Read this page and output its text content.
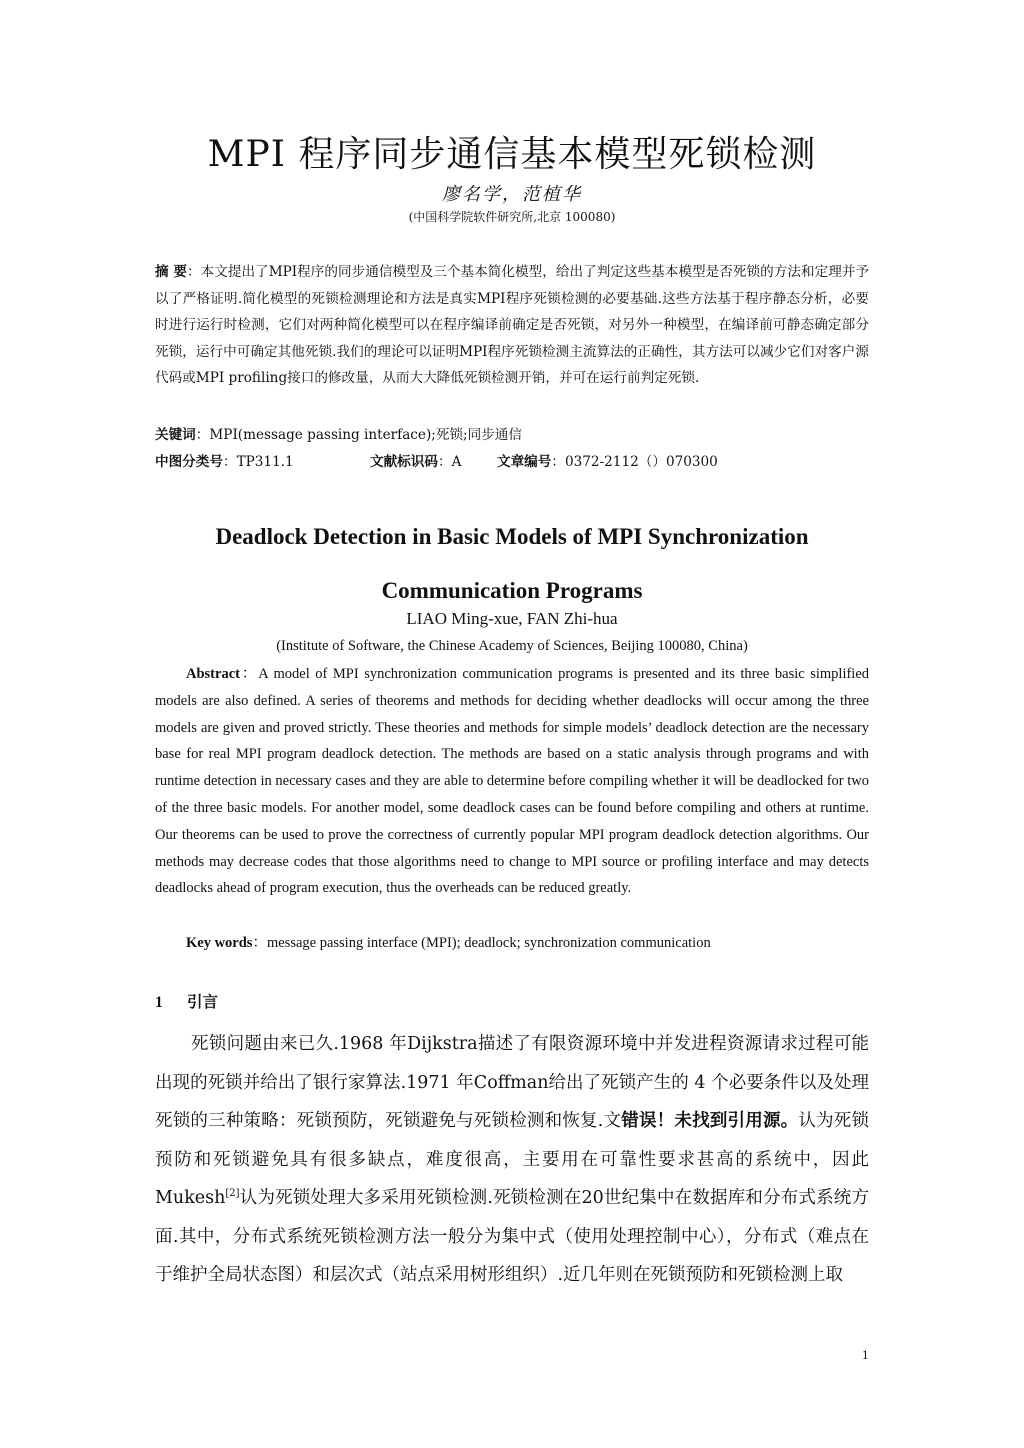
MPI 程序同步通信基本模型死锁检测
廖名学，范植华
(中国科学院软件研究所,北京 100080)
摘 要：本文提出了MPI程序的同步通信模型及三个基本简化模型，给出了判定这些基本模型是否死锁的方法和定理并予以了严格证明.简化模型的死锁检测理论和方法是真实MPI程序死锁检测的必要基础.这些方法基于程序静态分析，必要时进行运行时检测，它们对两种简化模型可以在程序编译前确定是否死锁，对另外一种模型，在编译前可静态确定部分死锁，运行中可确定其他死锁.我们的理论可以证明MPI程序死锁检测主流算法的正确性，其方法可以减少它们对客户源代码或MPI profiling接口的修改量，从而大大降低死锁检测开销，并可在运行前判定死锁.
关键词：MPI(message passing interface);死锁;同步通信
中图分类号：TP311.1	文献标识码：A	文章编号：0372-2112（）070300
Deadlock Detection in Basic Models of MPI Synchronization
Communication Programs
LIAO Ming-xue, FAN Zhi-hua
(Institute of Software, the Chinese Academy of Sciences, Beijing 100080, China)
Abstract：A model of MPI synchronization communication programs is presented and its three basic simplified models are also defined. A series of theorems and methods for deciding whether deadlocks will occur among the three models are given and proved strictly. These theories and methods for simple models’ deadlock detection are the necessary base for real MPI program deadlock detection. The methods are based on a static analysis through programs and with runtime detection in necessary cases and they are able to determine before compiling whether it will be deadlocked for two of the three basic models. For another model, some deadlock cases can be found before compiling and others at runtime. Our theorems can be used to prove the correctness of currently popular MPI program deadlock detection algorithms. Our methods may decrease codes that those algorithms need to change to MPI source or profiling interface and may detects deadlocks ahead of program execution, thus the overheads can be reduced greatly.
Key words：message passing interface (MPI); deadlock; synchronization communication
1 引言
死锁问题由来已久.1968 年Dijkstra描述了有限资源环境中并发进程资源请求过程可能出现的死锁并给出了银行家算法.1971 年Coffman给出了死锁产生的 4 个必要条件以及处理死锁的三种策略：死锁预防，死锁避免与死锁检测和恢复.文错误！未找到引用源。认为死锁预防和死锁避免具有很多缺点，难度很高，主要用在可靠性要求甚高的系统中，因此Mukesh[2]认为死锁处理大多采用死锁检测.死锁检测在20世纪集中在数据库和分布式系统方面.其中，分布式系统死锁检测方法一般分为集中式（使用处理控制中心），分布式（难点在于维护全局状态图）和层次式（站点采用树形组织）.近几年则在死锁预防和死锁检测上取
1
